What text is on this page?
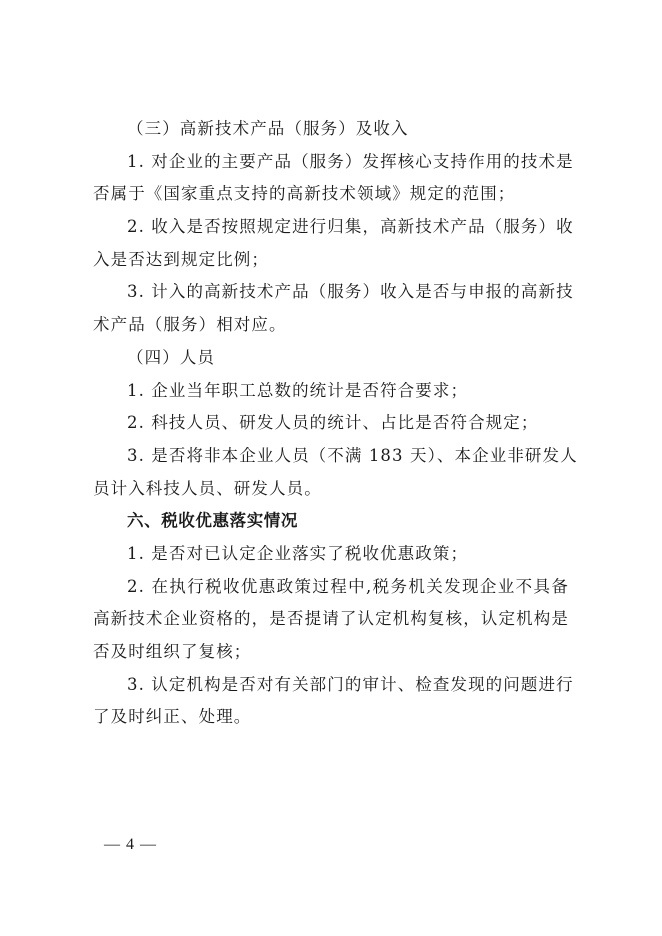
（三）高新技术产品（服务）及收入
1. 对企业的主要产品（服务）发挥核心支持作用的技术是
否属于《国家重点支持的高新技术领域》规定的范围；
2. 收入是否按照规定进行归集，高新技术产品（服务）收
入是否达到规定比例；
3. 计入的高新技术产品（服务）收入是否与申报的高新技
术产品（服务）相对应。
（四）人员
1. 企业当年职工总数的统计是否符合要求；
2. 科技人员、研发人员的统计、占比是否符合规定；
3. 是否将非本企业人员（不满 183 天）、本企业非研发人
员计入科技人员、研发人员。
六、税收优惠落实情况
1. 是否对已认定企业落实了税收优惠政策；
2. 在执行税收优惠政策过程中,税务机关发现企业不具备
高新技术企业资格的，是否提请了认定机构复核，认定机构是
否及时组织了复核；
3. 认定机构是否对有关部门的审计、检查发现的问题进行
了及时纠正、处理。
— 4 —
